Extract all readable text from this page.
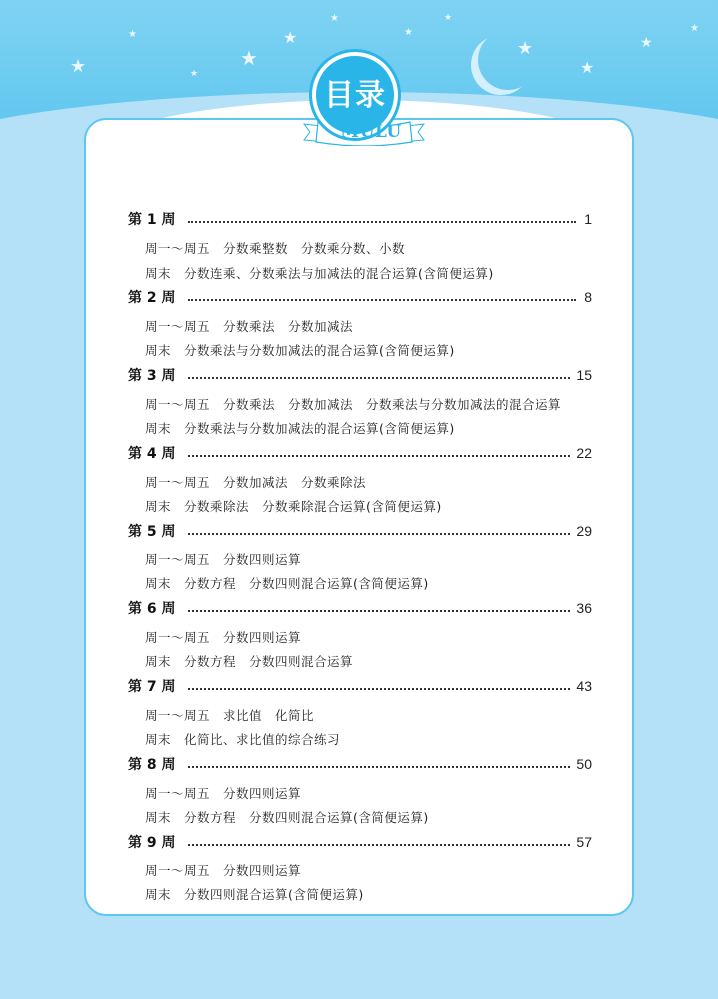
★
★
★
★
★
★
★
★
★
★
★
★
目录
MULU
第 1 周	1
周一～周五　分数乘整数　分数乘分数、小数
周末　分数连乘、分数乘法与加减法的混合运算(含简便运算)
第 2 周	8
周一～周五　分数乘法　分数加减法
周末　分数乘法与分数加减法的混合运算(含简便运算)
第 3 周	15
周一～周五　分数乘法　分数加减法　分数乘法与分数加减法的混合运算
周末　分数乘法与分数加减法的混合运算(含简便运算)
第 4 周	22
周一～周五　分数加减法　分数乘除法
周末　分数乘除法　分数乘除混合运算(含简便运算)
第 5 周	29
周一～周五　分数四则运算
周末　分数方程　分数四则混合运算(含简便运算)
第 6 周	36
周一～周五　分数四则运算
周末　分数方程　分数四则混合运算
第 7 周	43
周一～周五　求比值　化简比
周末　化简比、求比值的综合练习
第 8 周	50
周一～周五　分数四则运算
周末　分数方程　分数四则混合运算(含简便运算)
第 9 周	57
周一～周五　分数四则运算
周末　分数四则混合运算(含简便运算)
